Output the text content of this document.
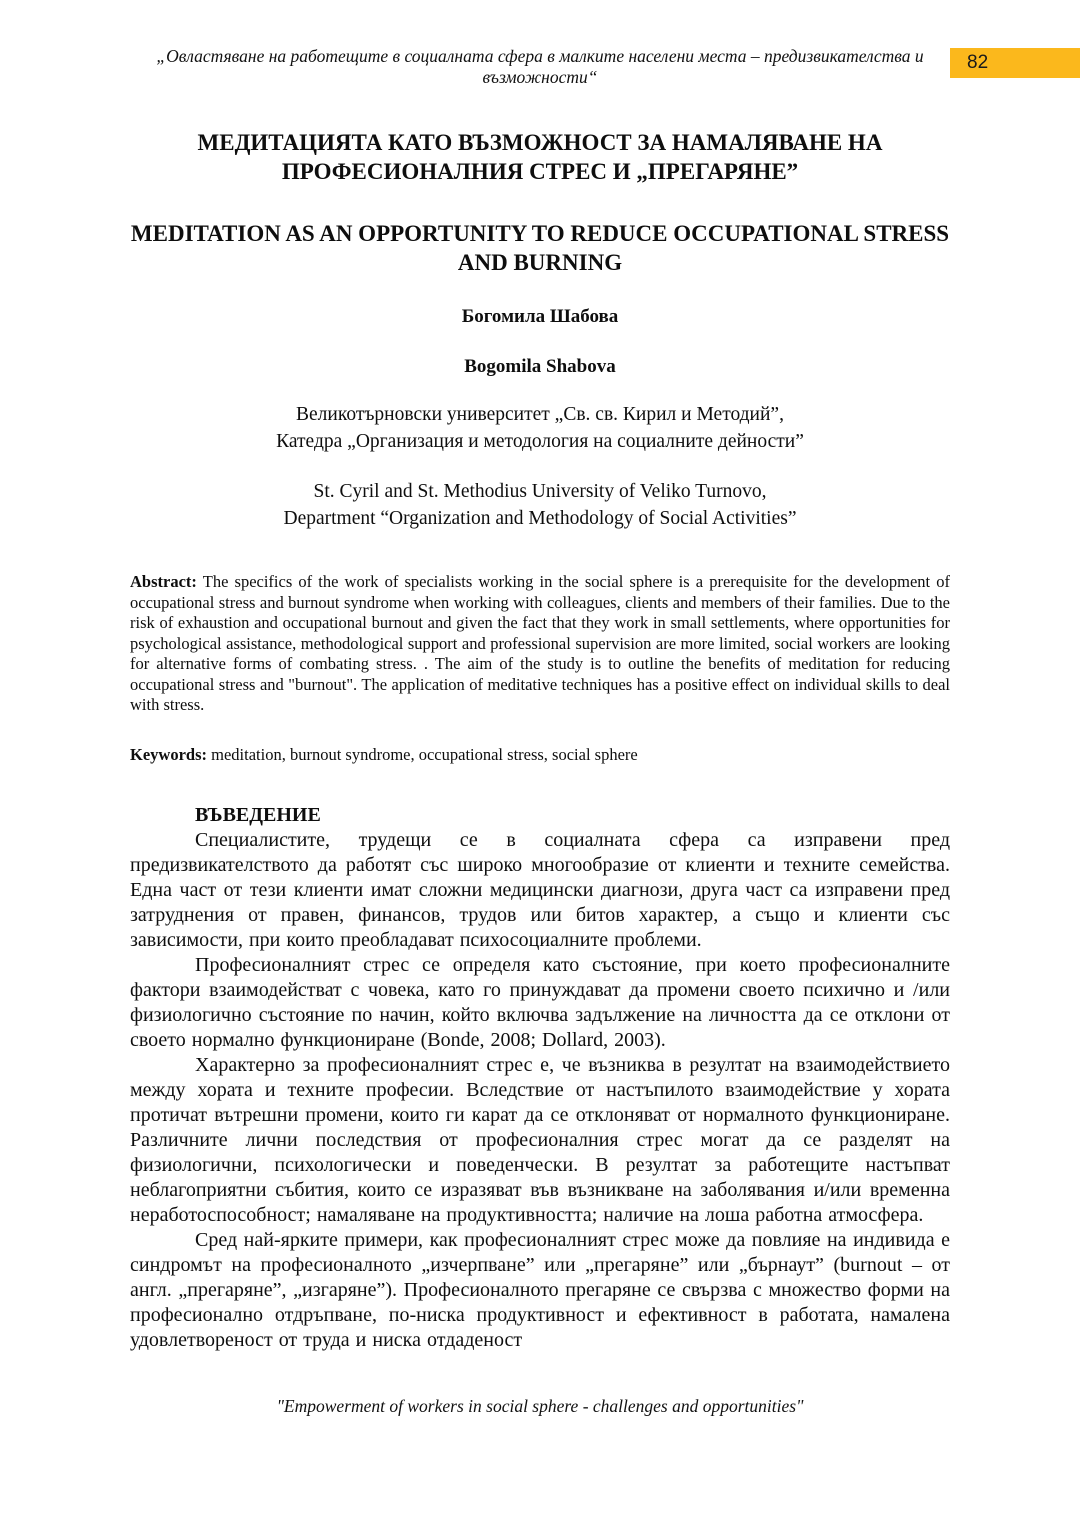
„Овластяване на работещите в социалната сфера в малките населени места – предизвикателства и възможности“
82
МЕДИТАЦИЯТА КАТО ВЪЗМОЖНОСТ ЗА НАМАЛЯВАНЕ НА ПРОФЕСИОНАЛНИЯ СТРЕС И „ПРЕГАРЯНЕ”
MEDITATION AS AN OPPORTUNITY TO REDUCE OCCUPATIONAL STRESS AND BURNING

Богомила Шабова

Bogomila Shabova

Великотърновски университет „Св. св. Кирил и Методий”,
Катедра „Организация и методология на социалните дейности”

St. Cyril and St. Methodius University of Veliko Turnovo,
Department “Organization and Methodology of Social Activities”

Abstract: The specifics of the work of specialists working in the social sphere is a prerequisite for the development of occupational stress and burnout syndrome when working with colleagues, clients and members of their families. Due to the risk of exhaustion and occupational burnout and given the fact that they work in small settlements, where opportunities for psychological assistance, methodological support and professional supervision are more limited, social workers are looking for alternative forms of combating stress. . The aim of the study is to outline the benefits of meditation for reducing occupational stress and "burnout". The application of meditative techniques has a positive effect on individual skills to deal with stress.

Keywords: meditation, burnout syndrome, occupational stress, social sphere

ВЪВЕДЕНИЕ

Специалистите, трудещи се в социалната сфера са изправени пред предизвикателството да работят със широко многообразие от клиенти и техните семейства. Една част от тези клиенти имат сложни медицински диагнози, друга част са изправени пред затруднения от правен, финансов, трудов или битов характер, а също и клиенти със зависимости, при които преобладават психосоциалните проблеми.

Професионалният стрес се определя като състояние, при което професионалните фактори взаимодействат с човека, като го принуждават да промени своето психично и /или физиологично състояние по начин, който включва задължение на личността да се отклони от своето нормално функциониране (Bonde, 2008; Dollard, 2003).

Характерно за професионалният стрес е, че възниква в резултат на взаимодействието между хората и техните професии. Вследствие от настъпилото взаимодействие у хората протичат вътрешни промени, които ги карат да се отклоняват от нормалното функциониране. Различните лични последствия от професионалния стрес могат да се разделят на физиологични, психологически и поведенчески. В резултат за работещите настъпват неблагоприятни събития, които се изразяват във възникване на заболявания и/или временна неработоспособност; намаляване на продуктивността; наличие на лоша работна атмосфера.

Сред най-ярките примери, как професионалният стрес може да повлияе на индивида е синдромът на професионалното „изчерпване” или „прегаряне” или „бърнаут” (burnout – от англ. „прегаряне”, „изгаряне”). Професионалното прегаряне се свързва с множество форми на професионално отдръпване, по-ниска продуктивност и ефективност в работата, намалена удовлетвореност от труда и ниска отдаденост

"Empowerment of workers in social sphere - challenges and opportunities"
